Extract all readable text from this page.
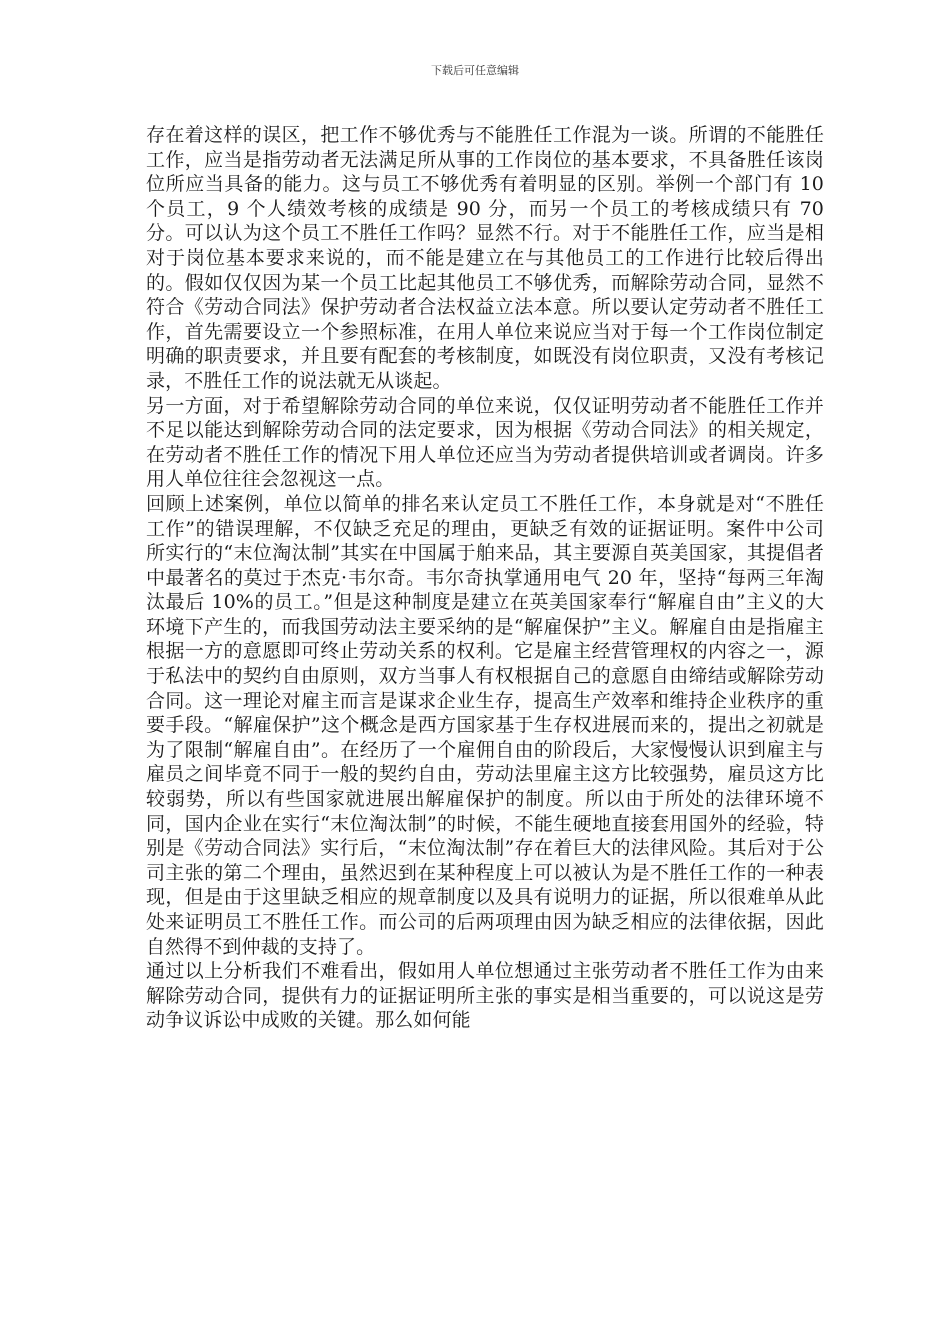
下载后可任意编辑

存在着这样的误区，把工作不够优秀与不能胜任工作混为一谈。所谓的不能胜任工作，应当是指劳动者无法满足所从事的工作岗位的基本要求，不具备胜任该岗位所应当具备的能力。这与员工不够优秀有着明显的区别。举例一个部门有 10 个员工，9 个人绩效考核的成绩是 90 分，而另一个员工的考核成绩只有 70 分。可以认为这个员工不胜任工作吗？显然不行。对于不能胜任工作，应当是相对于岗位基本要求来说的，而不能是建立在与其他员工的工作进行比较后得出的。假如仅仅因为某一个员工比起其他员工不够优秀，而解除劳动合同，显然不符合《劳动合同法》保护劳动者合法权益立法本意。所以要认定劳动者不胜任工作，首先需要设立一个参照标准，在用人单位来说应当对于每一个工作岗位制定明确的职责要求，并且要有配套的考核制度，如既没有岗位职责，又没有考核记录，不胜任工作的说法就无从谈起。

另一方面，对于希望解除劳动合同的单位来说，仅仅证明劳动者不能胜任工作并不足以能达到解除劳动合同的法定要求，因为根据《劳动合同法》的相关规定，在劳动者不胜任工作的情况下用人单位还应当为劳动者提供培训或者调岗。许多用人单位往往会忽视这一点。

回顾上述案例，单位以简单的排名来认定员工不胜任工作，本身就是对“不胜任工作”的错误理解，不仅缺乏充足的理由，更缺乏有效的证据证明。案件中公司所实行的“末位淘汰制”其实在中国属于舶来品，其主要源自英美国家，其提倡者中最著名的莫过于杰克·韦尔奇。韦尔奇执掌通用电气 20 年，坚持“每两三年淘汰最后 10%的员工。”但是这种制度是建立在英美国家奉行“解雇自由”主义的大环境下产生的，而我国劳动法主要采纳的是“解雇保护”主义。解雇自由是指雇主根据一方的意愿即可终止劳动关系的权利。它是雇主经营管理权的内容之一，源于私法中的契约自由原则，双方当事人有权根据自己的意愿自由缔结或解除劳动合同。这一理论对雇主而言是谋求企业生存，提高生产效率和维持企业秩序的重要手段。“解雇保护”这个概念是西方国家基于生存权进展而来的，提出之初就是为了限制“解雇自由”。在经历了一个雇佣自由的阶段后，大家慢慢认识到雇主与雇员之间毕竟不同于一般的契约自由，劳动法里雇主这方比较强势，雇员这方比较弱势，所以有些国家就进展出解雇保护的制度。所以由于所处的法律环境不同，国内企业在实行“末位淘汰制”的时候，不能生硬地直接套用国外的经验，特别是《劳动合同法》实行后，“末位淘汰制”存在着巨大的法律风险。其后对于公司主张的第二个理由，虽然迟到在某种程度上可以被认为是不胜任工作的一种表现，但是由于这里缺乏相应的规章制度以及具有说明力的证据，所以很难单从此处来证明员工不胜任工作。而公司的后两项理由因为缺乏相应的法律依据，因此自然得不到仲裁的支持了。

通过以上分析我们不难看出，假如用人单位想通过主张劳动者不胜任工作为由来解除劳动合同，提供有力的证据证明所主张的事实是相当重要的，可以说这是劳动争议诉讼中成败的关键。那么如何能
